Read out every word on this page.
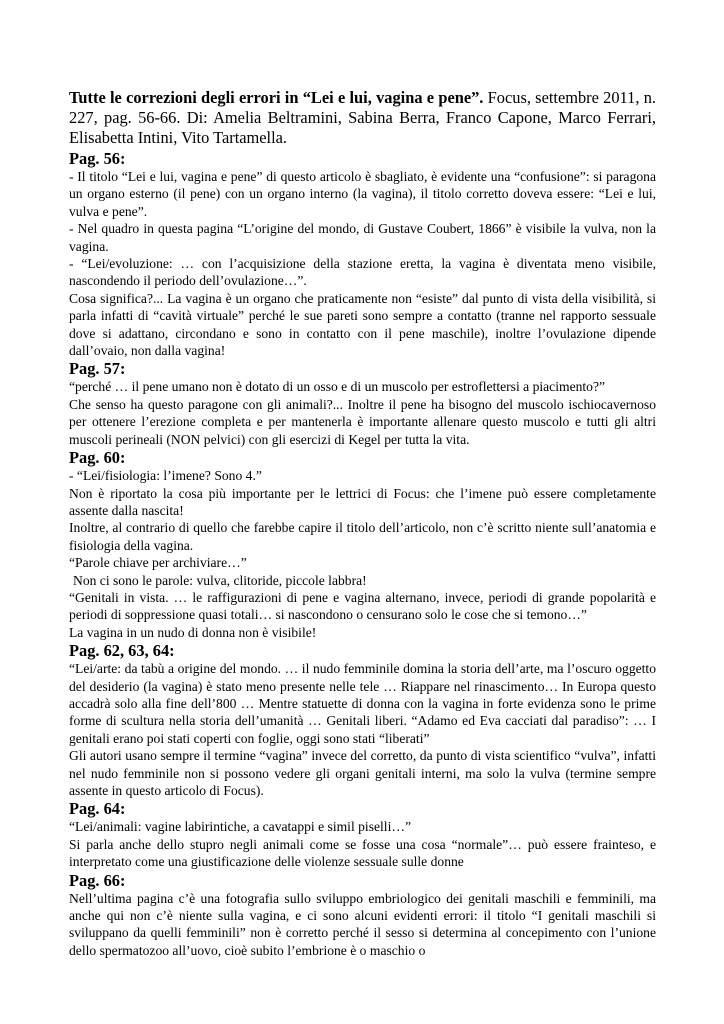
Tutte le correzioni degli errori in “Lei e lui, vagina e pene”. Focus, settembre 2011, n. 227, pag. 56-66. Di: Amelia Beltramini, Sabina Berra, Franco Capone, Marco Ferrari, Elisabetta Intini, Vito Tartamella.
Pag. 56:

- Il titolo “Lei e lui, vagina e pene” di questo articolo è sbagliato, è evidente una “confusione”: si paragona un organo esterno (il pene) con un organo interno (la vagina), il titolo corretto doveva essere: “Lei e lui, vulva e pene”.

- Nel quadro in questa pagina “L’origine del mondo, di Gustave Coubert, 1866” è visibile la vulva, non la vagina.

- “Lei/evoluzione: … con l’acquisizione della stazione eretta, la vagina è diventata meno visibile, nascondendo il periodo dell’ovulazione…”.

Cosa significa?... La vagina è un organo che praticamente non “esiste” dal punto di vista della visibilità, si parla infatti di “cavità virtuale” perché le sue pareti sono sempre a contatto (tranne nel rapporto sessuale dove si adattano, circondano e sono in contatto con il pene maschile), inoltre l’ovulazione dipende dall’ovaio, non dalla vagina!

Pag. 57:

“perché … il pene umano non è dotato di un osso e di un muscolo per estroflettersi a piacimento?”

Che senso ha questo paragone con gli animali?... Inoltre il pene ha bisogno del muscolo ischiocavernoso per ottenere l’erezione completa e per mantenerla è importante allenare questo muscolo e tutti gli altri muscoli perineali (NON pelvici) con gli esercizi di Kegel per tutta la vita.

Pag. 60:

- “Lei/fisiologia: l’imene? Sono 4.”

Non è riportato la cosa più importante per le lettrici di Focus: che l’imene può essere completamente assente dalla nascita!

Inoltre, al contrario di quello che farebbe capire il titolo dell’articolo, non c’è scritto niente sull’anatomia e fisiologia della vagina.

“Parole chiave per archiviare…”

Non ci sono le parole: vulva, clitoride, piccole labbra!

“Genitali in vista. … le raffigurazioni di pene e vagina alternano, invece, periodi di grande popolarità e periodi di soppressione quasi totali… si nascondono o censurano solo le cose che si temono…”

La vagina in un nudo di donna non è visibile!

Pag. 62, 63, 64:

“Lei/arte: da tabù a origine del mondo. … il nudo femminile domina la storia dell’arte, ma l’oscuro oggetto del desiderio (la vagina) è stato meno presente nelle tele … Riappare nel rinascimento… In Europa questo accadrà solo alla fine dell’800 … Mentre statuette di donna con la vagina in forte evidenza sono le prime forme di scultura nella storia dell’umanità … Genitali liberi. “Adamo ed Eva cacciati dal paradiso”: … I genitali erano poi stati coperti con foglie, oggi sono stati “liberati”

Gli autori usano sempre il termine “vagina” invece del corretto, da punto di vista scientifico “vulva”, infatti nel nudo femminile non si possono vedere gli organi genitali interni, ma solo la vulva (termine sempre assente in questo articolo di Focus).

Pag. 64:

“Lei/animali: vagine labirintiche, a cavatappi e simil piselli…”

Si parla anche dello stupro negli animali come se fosse una cosa “normale”… può essere frainteso, e interpretato come una giustificazione delle violenze sessuale sulle donne

Pag. 66:

Nell’ultima pagina c’è una fotografia sullo sviluppo embriologico dei genitali maschili e femminili, ma anche qui non c’è niente sulla vagina, e ci sono alcuni evidenti errori: il titolo “I genitali maschili si sviluppano da quelli femminili” non è corretto perché il sesso si determina al concepimento con l’unione dello spermatozoo all’uovo, cioè subito l’embrione è o maschio o
